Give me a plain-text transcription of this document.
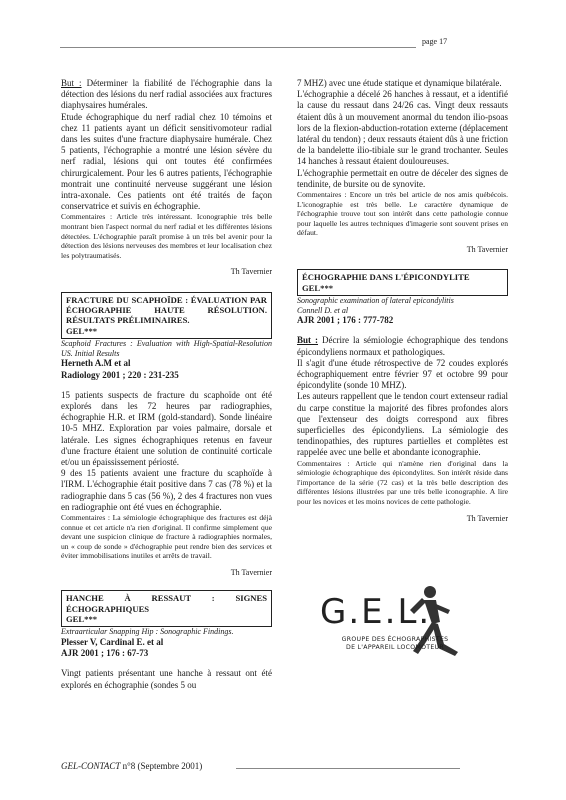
page 17

But : Déterminer la fiabilité de l'échographie dans la détection des lésions du nerf radial associées aux fractures diaphysaires humérales.

Etude échographique du nerf radial chez 10 témoins et chez 11 patients ayant un déficit sensitivomoteur radial dans les suites d'une fracture diaphysaire humérale. Chez 5 patients, l'échographie a montré une lésion sévère du nerf radial, lésions qui ont toutes été confirmées chirurgicalement. Pour les 6 autres patients, l'échographie montrait une continuité nerveuse suggérant une lésion intra-axonale. Ces patients ont été traités de façon conservatrice et suivis en échographie.

Commentaires : Article très intéressant. Iconographie très belle montrant bien l'aspect normal du nerf radial et les différentes lésions détectées. L'échographie paraît promise à un très bel avenir pour la détection des lésions nerveuses des membres et leur localisation chez les polytraumatisés.

Th Tavernier
FRACTURE DU SCAPHOÏDE : ÉVALUATION PAR ÉCHOGRAPHIE HAUTE RÉSOLUTION. RÉSULTATS PRÉLIMINAIRES.
GEL***

Scaphoid Fractures : Evaluation with High-Spatial-Resolution US. Initial Results

Herneth A.M et al

Radiology 2001 ; 220 : 231-235

15 patients suspects de fracture du scaphoïde ont été explorés dans les 72 heures par radiographies, échographie H.R. et IRM (gold-standard). Sonde linéaire 10-5 MHZ. Exploration par voies palmaire, dorsale et latérale. Les signes échographiques retenus en faveur d'une fracture étaient une solution de continuité corticale et/ou un épaississement périosté.

9 des 15 patients avaient une fracture du scaphoïde à l'IRM. L'échographie était positive dans 7 cas (78 %) et la radiographie dans 5 cas (56 %), 2 des 4 fractures non vues en radiographie ont été vues en échographie.

Commentaires : La sémiologie échographique des fractures est déjà connue et cet article n'a rien d'original. Il confirme simplement que devant une suspicion clinique de fracture à radiographies normales, un « coup de sonde » d'échographie peut rendre bien des services et éviter immobilisations inutiles et arrêts de travail.

Th Tavernier
HANCHE À RESSAUT : SIGNES ÉCHOGRAPHIQUES
GEL***

Extraarticular Snapping Hip : Sonographic Findings.

Plesser V, Cardinal E. et al

AJR 2001 ; 176 : 67-73

Vingt patients présentant une hanche à ressaut ont été explorés en échographie (sondes 5 ou

7 MHZ) avec une étude statique et dynamique bilatérale.

L'échographie a décelé 26 hanches à ressaut, et a identifié la cause du ressaut dans 24/26 cas. Vingt deux ressauts étaient dûs à un mouvement anormal du tendon ilio-psoas lors de la flexion-abduction-rotation externe (déplacement latéral du tendon) ; deux ressauts étaient dûs à une friction de la bandelette ilio-tibiale sur le grand trochanter. Seules 14 hanches à ressaut étaient douloureuses.

L'échographie permettait en outre de déceler des signes de tendinite, de bursite ou de synovite.

Commentaires : Encore un très bel article de nos amis québécois. L'iconographie est très belle. Le caractère dynamique de l'échographie trouve tout son intérêt dans cette pathologie connue pour laquelle les autres techniques d'imagerie sont souvent prises en défaut.

Th Tavernier
ÉCHOGRAPHIE DANS L'ÉPICONDYLITE
GEL***

Sonographic examination of lateral epicondylitis

Connell D. et al

AJR 2001 ; 176 : 777-782

But : Décrire la sémiologie échographique des tendons épicondyliens normaux et pathologiques.

Il s'agit d'une étude rétrospective de 72 coudes explorés échographiquement entre février 97 et octobre 99 pour épicondylite (sonde 10 MHZ).

Les auteurs rappellent que le tendon court extenseur radial du carpe constitue la majorité des fibres profondes alors que l'extenseur des doigts correspond aux fibres superficielles des épicondyliens. La sémiologie des tendinopathies, des ruptures partielles et complètes est rappelée avec une belle et abondante iconographie.

Commentaires : Article qui n'amène rien d'original dans la sémiologie échographique des épicondylites. Son intérêt réside dans l'importance de la série (72 cas) et la très belle description des différentes lésions illustrées par une très belle iconographie. A lire pour les novices et les moins novices de cette pathologie.

Th Tavernier
G.E.L.
GROUPE DES ÉCHOGRAPHISTES
DE L'APPAREIL LOCOMOTEUR
GEL-CONTACT n°8 (Septembre 2001)
